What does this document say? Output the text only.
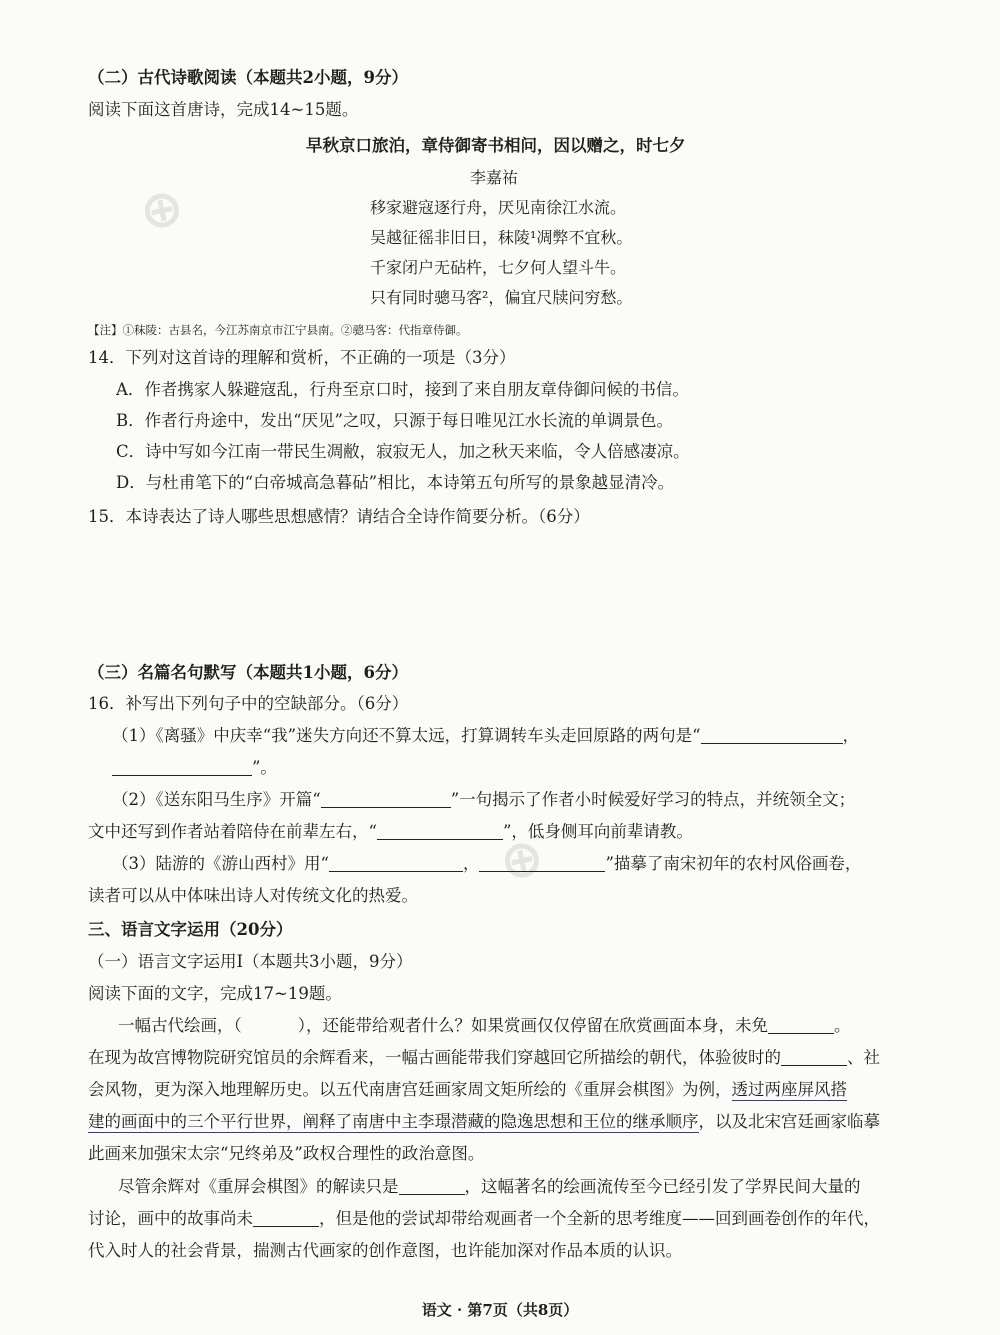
⊕
⊕
（二）古代诗歌阅读（本题共2小题，9分）
阅读下面这首唐诗，完成14~15题。
早秋京口旅泊，章侍御寄书相问，因以赠之，时七夕
李嘉祐
移家避寇逐行舟，厌见南徐江水流。
吴越征徭非旧日，秣陵¹凋弊不宜秋。
千家闭户无砧杵，七夕何人望斗牛。
只有同时骢马客²，偏宜尺牍问穷愁。
【注】①秣陵：古县名，今江苏南京市江宁县南。②骢马客：代指章侍御。
14．下列对这首诗的理解和赏析，不正确的一项是（3分）
A．作者携家人躲避寇乱，行舟至京口时，接到了来自朋友章侍御问候的书信。
B．作者行舟途中，发出“厌见”之叹，只源于每日唯见江水长流的单调景色。
C．诗中写如今江南一带民生凋敝，寂寂无人，加之秋天来临，令人倍感凄凉。
D．与杜甫笔下的“白帝城高急暮砧”相比，本诗第五句所写的景象越显清冷。
15．本诗表达了诗人哪些思想感情？请结合全诗作简要分析。（6分）
（三）名篇名句默写（本题共1小题，6分）
16．补写出下列句子中的空缺部分。（6分）
（1）《离骚》中庆幸“我”迷失方向还不算太远，打算调转车头走回原路的两句是“	，
”。
（2）《送东阳马生序》开篇“	”一句揭示了作者小时候爱好学习的特点，并统领全文；
文中还写到作者站着陪侍在前辈左右，“	”，低身侧耳向前辈请教。
（3）陆游的《游山西村》用“	，	”描摹了南宋初年的农村风俗画卷，
读者可以从中体味出诗人对传统文化的热爱。
三、语言文字运用（20分）
（一）语言文字运用Ⅰ（本题共3小题，9分）
阅读下面的文字，完成17~19题。
一幅古代绘画，（	），还能带给观者什么？如果赏画仅仅停留在欣赏画面本身，未免	。
在现为故宫博物院研究馆员的余辉看来，一幅古画能带我们穿越回它所描绘的朝代，体验彼时的	、社
会风物，更为深入地理解历史。以五代南唐宫廷画家周文矩所绘的《重屏会棋图》为例，透过两座屏风搭
建的画面中的三个平行世界，阐释了南唐中主李璟潜藏的隐逸思想和王位的继承顺序，以及北宋宫廷画家临摹
此画来加强宋太宗“兄终弟及”政权合理性的政治意图。
尽管余辉对《重屏会棋图》的解读只是	，这幅著名的绘画流传至今已经引发了学界民间大量的
讨论，画中的故事尚未	，但是他的尝试却带给观画者一个全新的思考维度——回到画卷创作的年代，
代入时人的社会背景，揣测古代画家的创作意图，也许能加深对作品本质的认识。
语文 · 第7页（共8页）
